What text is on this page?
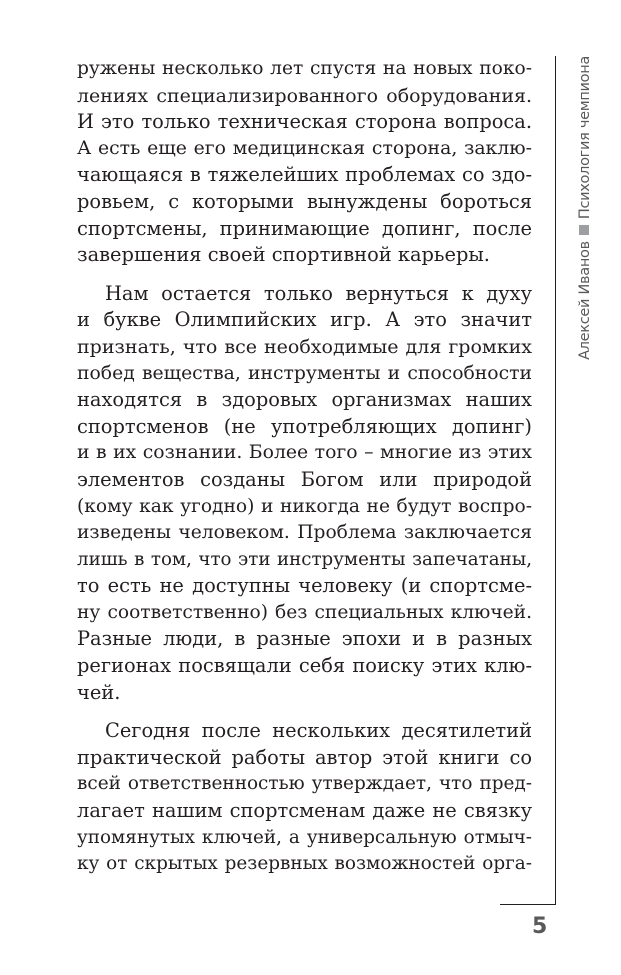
ружены несколько лет спустя на новых поко-
лениях специализированного оборудования.
И это только техническая сторона вопроса.
А есть еще его медицинская сторона, заклю-
чающаяся в тяжелейших проблемах со здо-
ровьем, с которыми вынуждены бороться
спортсмены, принимающие допинг, после
завершения своей спортивной карьеры.
Нам остается только вернуться к духу
и букве Олимпийских игр. А это значит
признать, что все необходимые для громких
побед вещества, инструменты и способности
находятся в здоровых организмах наших
спортсменов (не употребляющих допинг)
и в их сознании. Более того – многие из этих
элементов созданы Богом или природой
(кому как угодно) и никогда не будут воспро-
изведены человеком. Проблема заключается
лишь в том, что эти инструменты запечатаны,
то есть не доступны человеку (и спортсме-
ну соответственно) без специальных ключей.
Разные люди, в разные эпохи и в разных
регионах посвящали себя поиску этих клю-
чей.
Сегодня после нескольких десятилетий
практической работы автор этой книги со
всей ответственностью утверждает, что пред-
лагает нашим спортсменам даже не связку
упомянутых ключей, а универсальную отмыч-
ку от скрытых резервных возможностей орга-
Алексей ИвановПсихология чемпиона
5
